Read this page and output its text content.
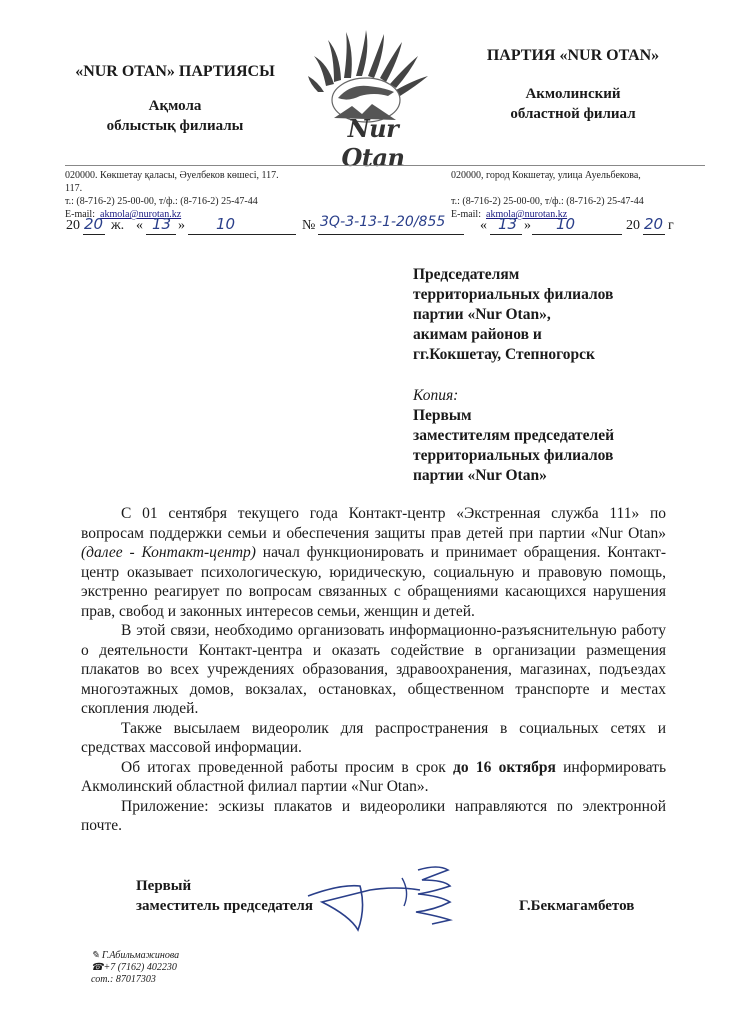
«NUR OTAN» ПАРТИЯСЫ
Ақмола
облыстық филиалы
ПАРТИЯ «NUR OTAN»
Акмолинский
областной филиал
Nur Otan
020000. Көкшетау қаласы, Әуелбеков көшесі, 117.
117.
т.: (8-716-2) 25-00-00, т/ф.: (8-716-2) 25-47-44
E-mail: akmola@nurotan.kz
020000, город Кокшетау, улица Ауельбекова,
т.: (8-716-2) 25-00-00, т/ф.: (8-716-2) 25-47-44
E-mail: akmola@nurotan.kz
20 20 ж. « 13 » 10	№ 3Q-3-13-1-20/855 « 13 » 10	20 20 г
Председателям
территориальных филиалов
партии «Nur Otan»,
акимам районов и
гг.Кокшетау, Степногорск
Копия:
Первым
заместителям председателей
территориальных филиалов
партии «Nur Otan»

С 01 сентября текущего года Контакт-центр «Экстренная служба 111» по вопросам поддержки семьи и обеспечения защиты прав детей при партии «Nur Otan» (далее - Контакт-центр) начал функционировать и принимает обращения. Контакт-центр оказывает психологическую, юридическую, социальную и правовую помощь, экстренно реагирует по вопросам связанных с обращениями касающихся нарушения прав, свобод и законных интересов семьи, женщин и детей.

В этой связи, необходимо организовать информационно-разъяснительную работу о деятельности Контакт-центра и оказать содействие в организации размещения плакатов во всех учреждениях образования, здравоохранения, магазинах, подъездах многоэтажных домов, вокзалах, остановках, общественном транспорте и местах скопления людей.

Также высылаем видеоролик для распространения в социальных сетях и средствах массовой информации.

Об итогах проведенной работы просим в срок до 16 октября информировать Акмолинский областной филиал партии «Nur Otan».

Приложение: эскизы плакатов и видеоролики направляются по электронной почте.

Первый
заместитель председателя	Г.Бекмагамбетов
✎ Г.Абильмажинова
☎+7 (7162) 402230
сот.: 87017303
